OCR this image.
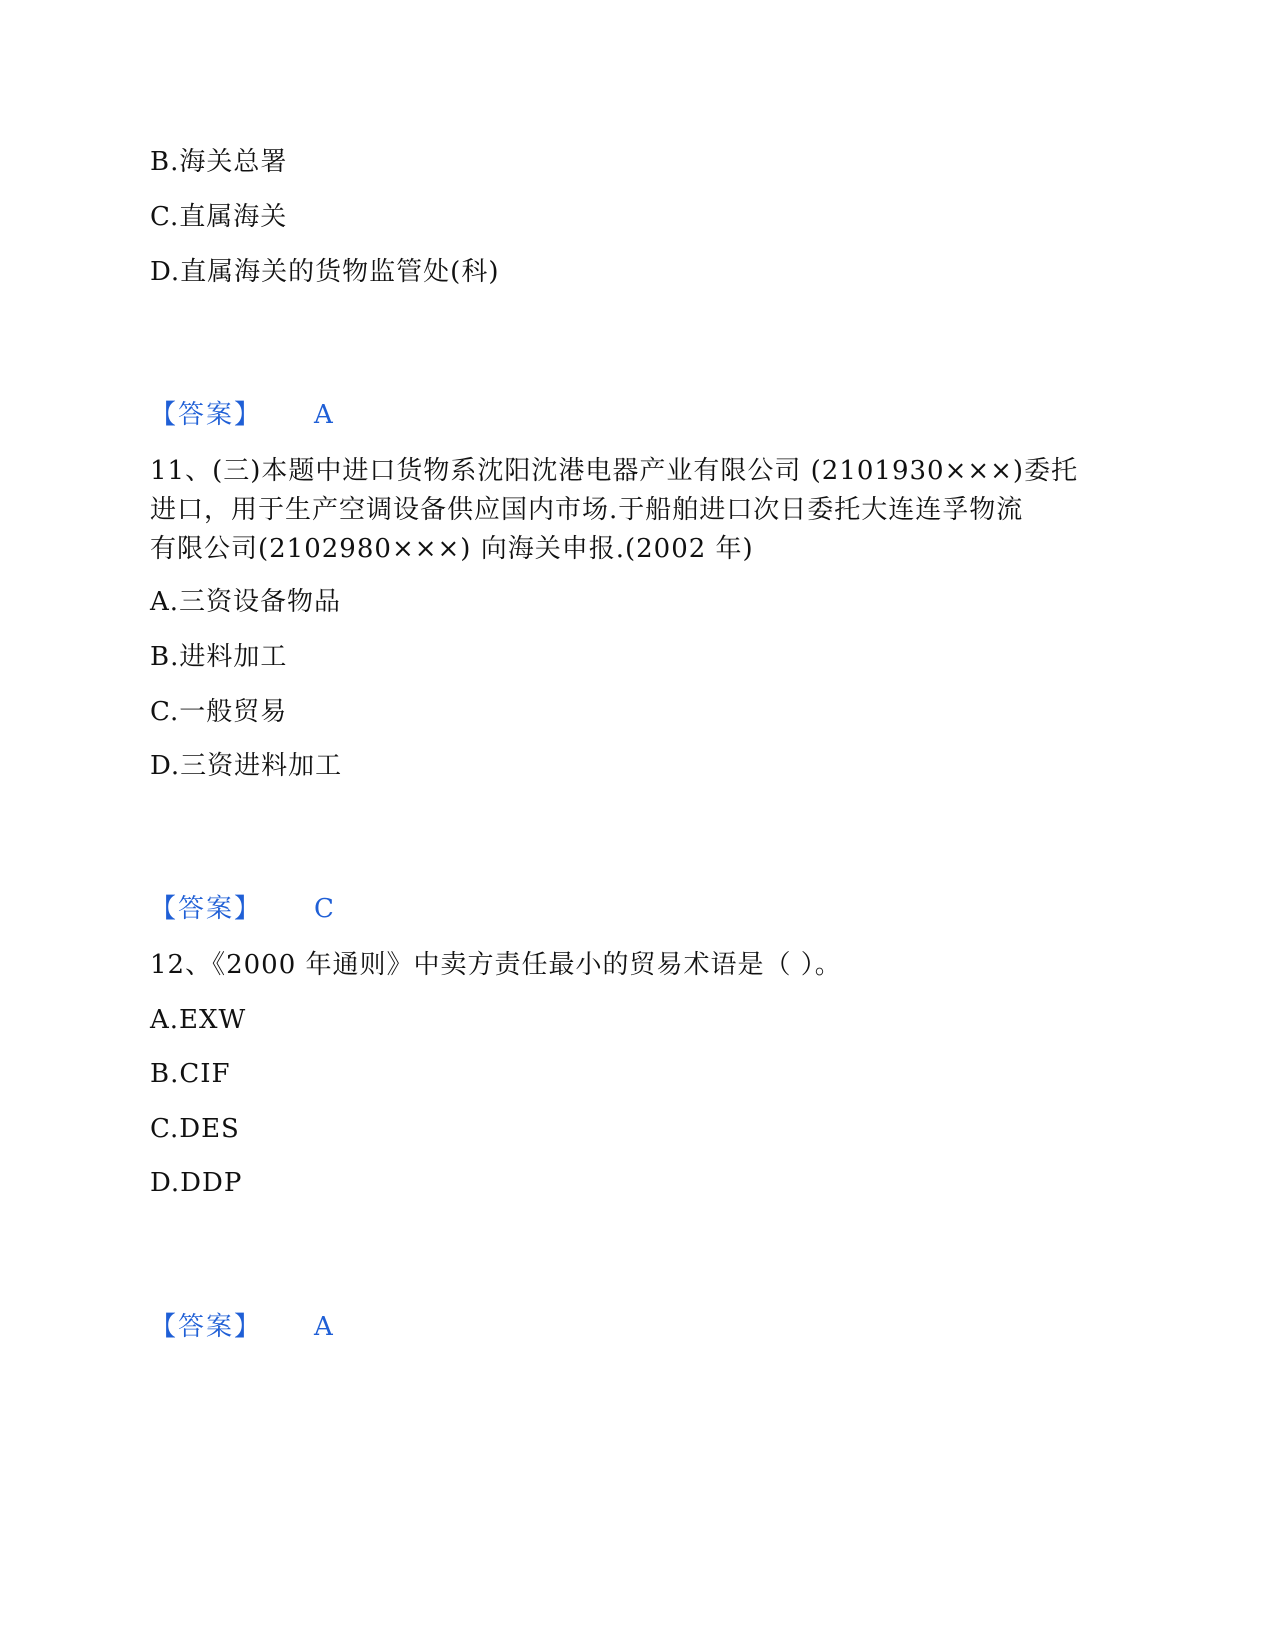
B.海关总署
C.直属海关
D.直属海关的货物监管处(科)
【答案】 A
11、(三)本题中进口货物系沈阳沈港电器产业有限公司 (2101930×××)委托
进口，用于生产空调设备供应国内市场.于船舶进口次日委托大连连孚物流
有限公司(2102980×××) 向海关申报.(2002 年)
A.三资设备物品
B.进料加工
C.一般贸易
D.三资进料加工
【答案】 C
12、《2000 年通则》中卖方责任最小的贸易术语是（ ）。
A.EXW
B.CIF
C.DES
D.DDP
【答案】 A
